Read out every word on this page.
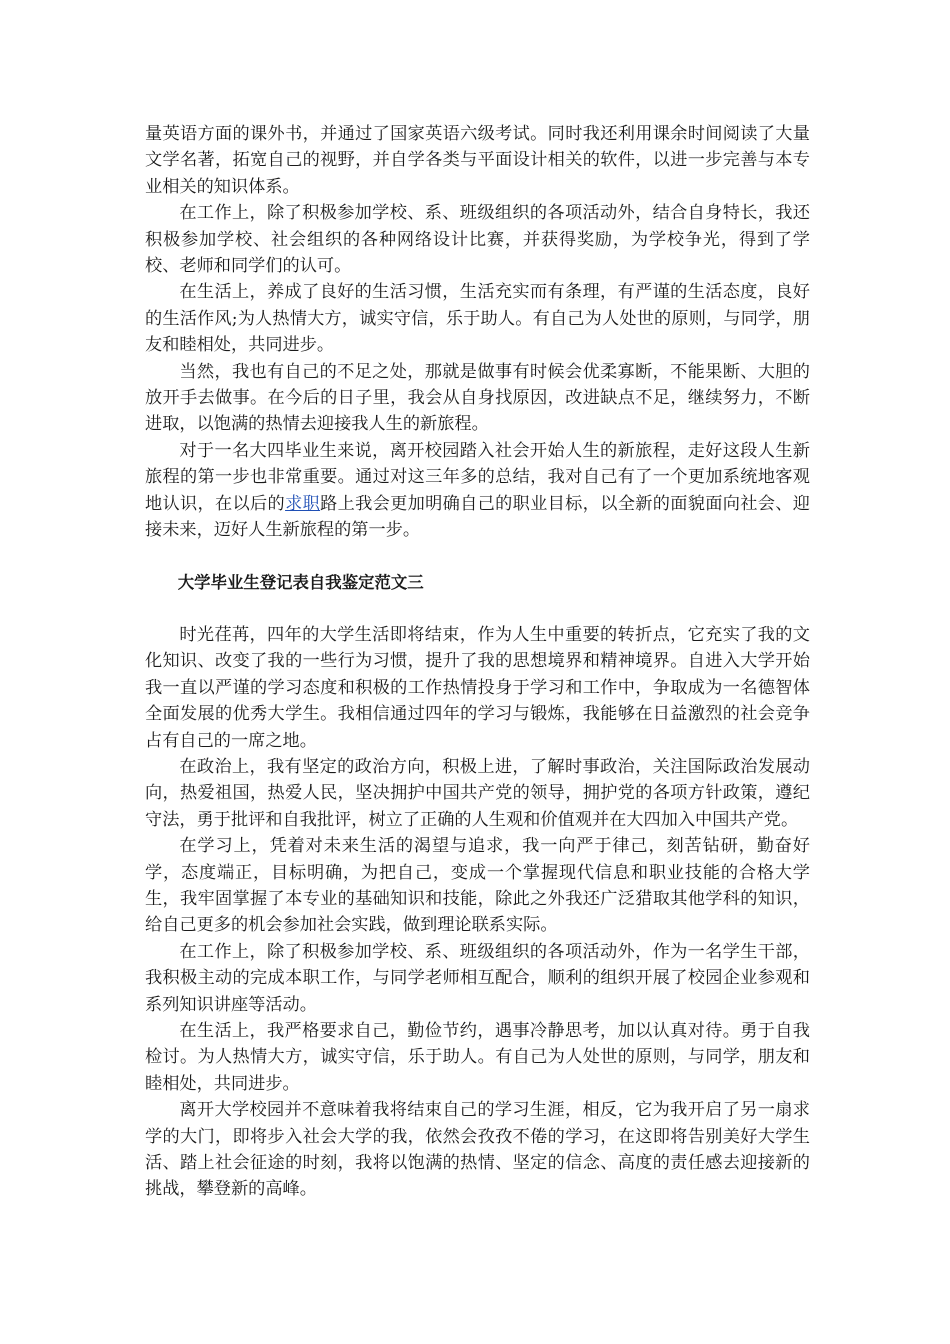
量英语方面的课外书，并通过了国家英语六级考试。同时我还利用课余时间阅读了大量文学名著，拓宽自己的视野，并自学各类与平面设计相关的软件，以进一步完善与本专业相关的知识体系。

在工作上，除了积极参加学校、系、班级组织的各项活动外，结合自身特长，我还积极参加学校、社会组织的各种网络设计比赛，并获得奖励，为学校争光，得到了学校、老师和同学们的认可。

在生活上，养成了良好的生活习惯，生活充实而有条理，有严谨的生活态度，良好的生活作风;为人热情大方，诚实守信，乐于助人。有自己为人处世的原则，与同学，朋友和睦相处，共同进步。

当然，我也有自己的不足之处，那就是做事有时候会优柔寡断，不能果断、大胆的放开手去做事。在今后的日子里，我会从自身找原因，改进缺点不足，继续努力，不断进取，以饱满的热情去迎接我人生的新旅程。

对于一名大四毕业生来说，离开校园踏入社会开始人生的新旅程，走好这段人生新旅程的第一步也非常重要。通过对这三年多的总结，我对自己有了一个更加系统地客观地认识，在以后的求职路上我会更加明确自己的职业目标，以全新的面貌面向社会、迎接未来，迈好人生新旅程的第一步。

大学毕业生登记表自我鉴定范文三

时光荏苒，四年的大学生活即将结束，作为人生中重要的转折点，它充实了我的文化知识、改变了我的一些行为习惯，提升了我的思想境界和精神境界。自进入大学开始我一直以严谨的学习态度和积极的工作热情投身于学习和工作中，争取成为一名德智体全面发展的优秀大学生。我相信通过四年的学习与锻炼，我能够在日益激烈的社会竞争占有自己的一席之地。

在政治上，我有坚定的政治方向，积极上进，了解时事政治，关注国际政治发展动向，热爱祖国，热爱人民，坚决拥护中国共产党的领导，拥护党的各项方针政策，遵纪守法，勇于批评和自我批评，树立了正确的人生观和价值观并在大四加入中国共产党。

在学习上，凭着对未来生活的渴望与追求，我一向严于律己，刻苦钻研，勤奋好学，态度端正，目标明确，为把自己，变成一个掌握现代信息和职业技能的合格大学生，我牢固掌握了本专业的基础知识和技能，除此之外我还广泛猎取其他学科的知识，给自己更多的机会参加社会实践，做到理论联系实际。

在工作上，除了积极参加学校、系、班级组织的各项活动外，作为一名学生干部，我积极主动的完成本职工作，与同学老师相互配合，顺利的组织开展了校园企业参观和系列知识讲座等活动。

在生活上，我严格要求自己，勤俭节约，遇事冷静思考，加以认真对待。勇于自我检讨。为人热情大方，诚实守信，乐于助人。有自己为人处世的原则，与同学，朋友和睦相处，共同进步。

离开大学校园并不意味着我将结束自己的学习生涯，相反，它为我开启了另一扇求学的大门，即将步入社会大学的我，依然会孜孜不倦的学习，在这即将告别美好大学生活、踏上社会征途的时刻，我将以饱满的热情、坚定的信念、高度的责任感去迎接新的挑战，攀登新的高峰。
